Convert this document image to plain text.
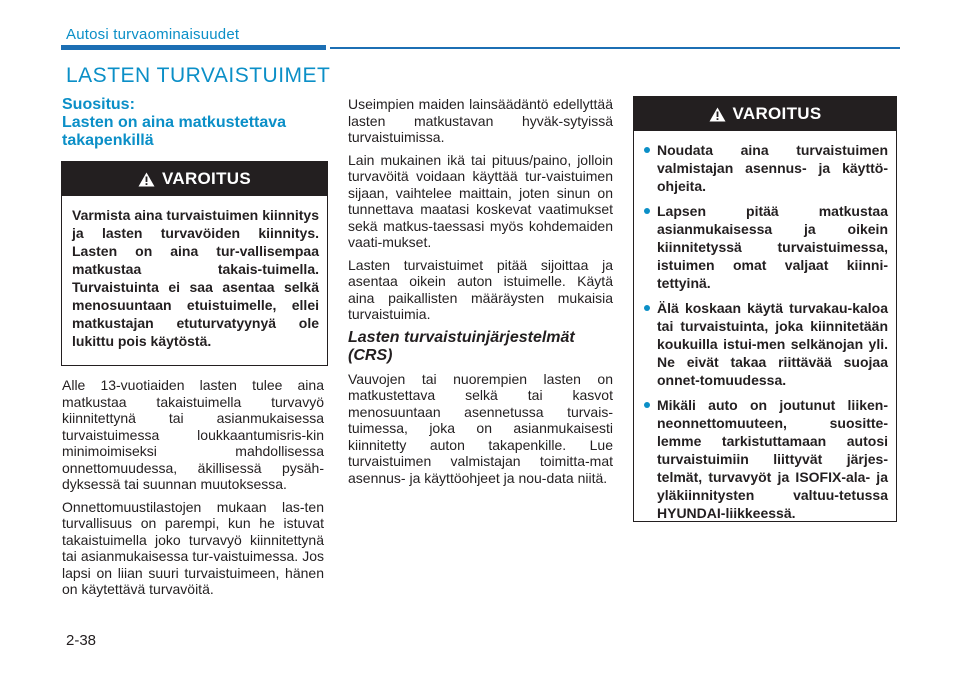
Autosi turvaominaisuudet
LASTEN TURVAISTUIMET
Suositus:
Lasten on aina matkustettava
takapenkillä
VAROITUS
Varmista aina turvaistuimen kiinnitys ja lasten turvavöiden kiinnitys. Lasten on aina tur-vallisempaa matkustaa takais-tuimella. Turvaistuinta ei saa asentaa selkä menosuuntaan etuistuimelle, ellei matkustajan etuturvatyynyä ole lukittu pois käytöstä.

Alle 13-vuotiaiden lasten tulee aina matkustaa takaistuimella turvavyö kiinnitettynä tai asianmukaisessa turvaistuimessa loukkaantumisris-kin minimoimiseksi mahdollisessa onnettomuudessa, äkillisessä pysäh-dyksessä tai suunnan muutoksessa.

Onnettomuustilastojen mukaan las-ten turvallisuus on parempi, kun he istuvat takaistuimella joko turvavyö kiinnitettynä tai asianmukaisessa tur-vaistuimessa. Jos lapsi on liian suuri turvaistuimeen, hänen on käytettävä turvavöitä.

Useimpien maiden lainsäädäntö edellyttää lasten matkustavan hyväk-sytyissä turvaistuimissa.

Lain mukainen ikä tai pituus/paino, jolloin turvavöitä voidaan käyttää tur-vaistuimen sijaan, vaihtelee maittain, joten sinun on tunnettava maatasi koskevat vaatimukset sekä matkus-taessasi myös kohdemaiden vaati-mukset.

Lasten turvaistuimet pitää sijoittaa ja asentaa oikein auton istuimelle. Käytä aina paikallisten määräysten mukaisia turvaistuimia.

Lasten turvaistuinjärjestelmät
(CRS)

Vauvojen tai nuorempien lasten on matkustettava selkä tai kasvot menosuuntaan asennetussa turvais-tuimessa, joka on asianmukaisesti kiinnitetty auton takapenkille. Lue turvaistuimen valmistajan toimitta-mat asennus- ja käyttöohjeet ja nou-data niitä.

VAROITUS
Noudata aina turvaistuimen valmistajan asennus- ja käyttö-ohjeita.
Lapsen pitää matkustaa asianmukaisessa ja oikein kiinnitetyssä turvaistuimessa, istuimen omat valjaat kiinni-tettyinä.
Älä koskaan käytä turvakau-kaloa tai turvaistuinta, joka kiinnitetään koukuilla istui-men selkänojan yli. Ne eivät takaa riittävää suojaa onnet-tomuudessa.
Mikäli auto on joutunut liiken-neonnettomuuteen, suositte-lemme tarkistuttamaan autosi turvaistuimiin liittyvät järjes-telmät, turvavyöt ja ISOFIX-ala- ja yläkiinnitysten valtuu-tetussa HYUNDAI-liikkeessä.
2-38
